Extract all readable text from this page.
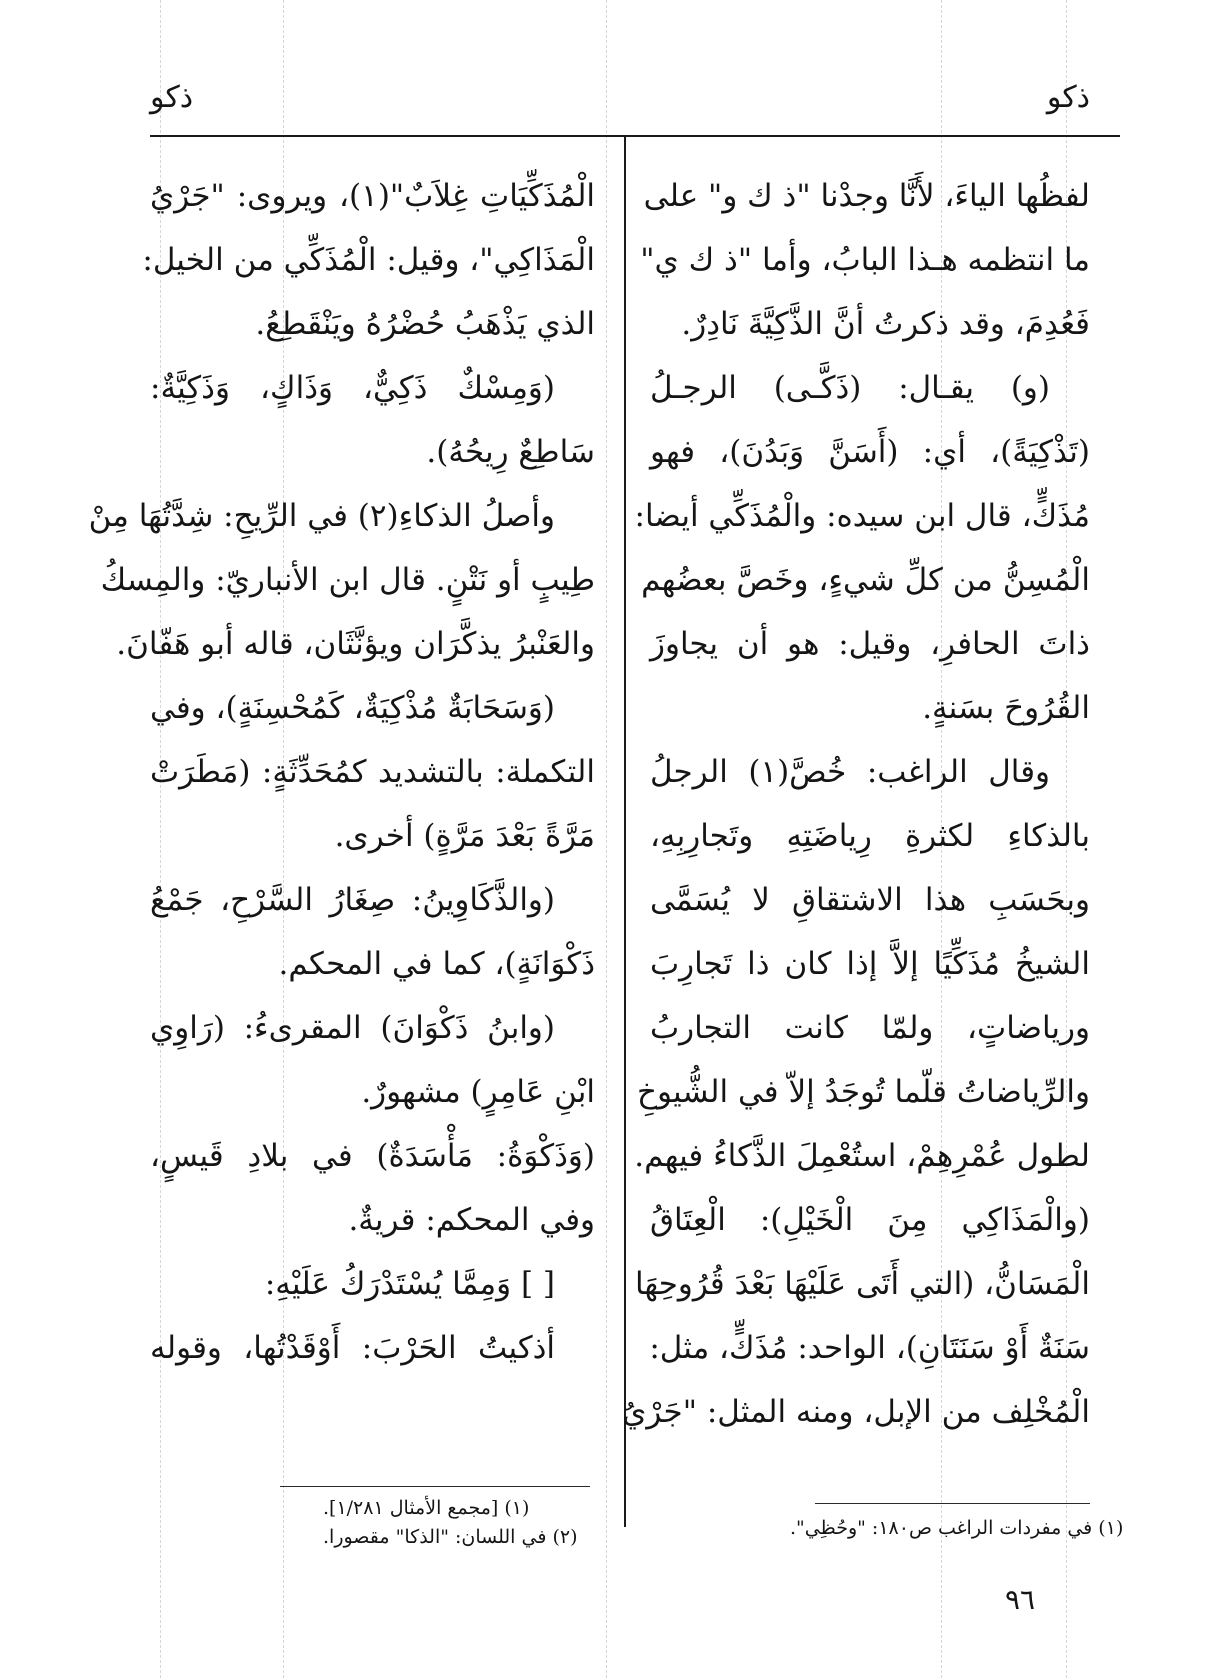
ذكو
ذكو
لفظُها الياءَ، لأَنَّا وجدْنا "ذ ك و" على
ما انتظمه هـذا البابُ، وأما "ذ ك ي"
فَعُدِمَ، وقد ذكرتُ أنَّ الذَّكِيَّةَ نَادِرٌ.
(و) يقـال: (ذَكَّـى) الرجـلُ
(تَذْكِيَةً)، أي: (أَسَنَّ وَبَدُنَ)، فهو
مُذَكٍّ، قال ابن سيده: والْمُذَكِّي أيضا:
الْمُسِنُّ من كلِّ شيءٍ، وخَصَّ بعضُهم
ذاتَ الحافرِ، وقيل: هو أن يجاوزَ
القُرُوحَ بسَنةٍ.
وقال الراغب: خُصَّ(١) الرجلُ
بالذكاءِ لكثرةِ رِياضَتِهِ وتَجارِبِهِ،
وبحَسَبِ هذا الاشتقاقِ لا يُسَمَّى
الشيخُ مُذَكِّيًا إلاَّ إذا كان ذا تَجارِبَ
ورياضاتٍ، ولمّا كانت التجاربُ
والرِّياضاتُ قلّما تُوجَدُ إلاّ في الشُّيوخِ
لطول عُمْرِهِمْ، استُعْمِلَ الذَّكاءُ فيهم.
(والْمَذَاكِي مِنَ الْخَيْلِ): الْعِتَاقُ
الْمَسَانُّ، (التي أَتَى عَلَيْهَا بَعْدَ قُرُوحِهَا
سَنَةٌ أَوْ سَنَتَانِ)، الواحد: مُذَكٍّ، مثل:
الْمُخْلِف من الإبل، ومنه المثل: "جَرْيُ
الْمُذَكِّيَاتِ غِلاَبٌ"(١)، ويروى: "جَرْيُ
الْمَذَاكِي"، وقيل: الْمُذَكِّي من الخيل:
الذي يَذْهَبُ حُضْرُهُ ويَنْقَطِعُ.
(وَمِسْكٌ ذَكِيٌّ، وَذَاكٍ، وَذَكِيَّةٌ:
سَاطِعٌ رِيحُهُ).
وأصلُ الذكاءِ(٢) في الرِّيحِ: شِدَّتُهَا مِنْ
طِيبٍ أو نَتْنٍ. قال ابن الأنباريّ: والمِسكُ
والعَنْبرُ يذكَّرَان ويؤنَّثَان، قاله أبو هَفّانَ.
(وَسَحَابَةٌ مُذْكِيَةٌ، كَمُحْسِنَةٍ)، وفي
التكملة: بالتشديد كمُحَدِّثَةٍ: (مَطَرَتْ
مَرَّةً بَعْدَ مَرَّةٍ) أخرى.
(والذَّكَاوِينُ: صِغَارُ السَّرْحِ، جَمْعُ
ذَكْوَانَةٍ)، كما في المحكم.
(وابنُ ذَكْوَانَ) المقرىءُ: (رَاوِي
ابْنِ عَامِرٍ) مشهورٌ.
(وَذَكْوَةُ: مَأْسَدَةٌ) في بلادِ قَيسٍ،
وفي المحكم: قريةٌ.
[ ] وَمِمَّا يُسْتَدْرَكُ عَلَيْهِ:
أذكيتُ الحَرْبَ: أَوْقَدْتُها، وقوله
(١) [مجمع الأمثال ١/٢٨١].
(٢) في اللسان: "الذكا" مقصورا.	(١) في مفردات الراغب ص١٨٠: "وحُظِي".
٩٦
